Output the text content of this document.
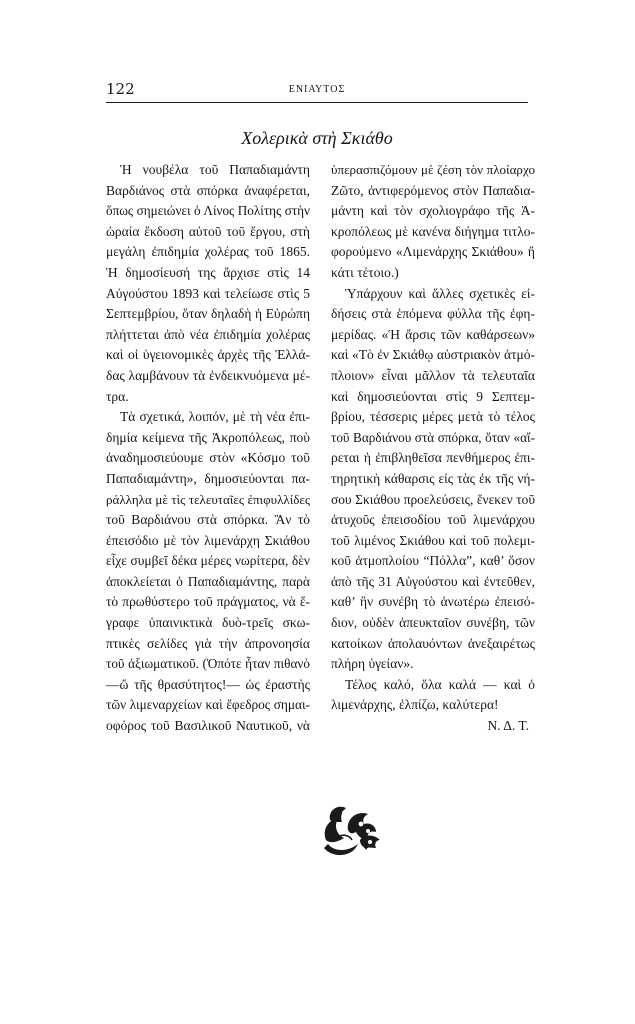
122	ΕΝΙΑΥΤΟΣ
Χολερικὰ στὴ Σκιάθο
Ἡ νουβέλα τοῦ Παπαδιαμάντη
Βαρδιάνος στὰ σπόρκα ἀναφέρεται,
ὅπως σημειώνει ὁ Λίνος Πολίτης στὴν
ὡραία ἔκδοση αὐτοῦ τοῦ ἔργου, στὴ
μεγάλη ἐπιδημία χολέρας τοῦ 1865.
Ἡ δημοσίευσή της ἄρχισε στὶς 14
Αὐγούστου 1893 καὶ τελείωσε στὶς 5
Σεπτεμβρίου, ὅταν δηλαδὴ ἡ Εὐρώπη
πλήττεται ἀπὸ νέα ἐπιδημία χολέρας
καὶ οἱ ὑγειονομικὲς ἀρχὲς τῆς Ἑλλά-
δας λαμβάνουν τὰ ἐνδεικνυόμενα μέ-
τρα.
Τὰ σχετικά, λοιπόν, μὲ τὴ νέα ἐπι-
δημία κείμενα τῆς Ἀκροπόλεως, ποὺ
ἀναδημοσιεύουμε στὸν «Κόσμο τοῦ
Παπαδιαμάντη», δημοσιεύονται πα-
ράλληλα μὲ τὶς τελευταῖες ἐπιφυλλίδες
τοῦ Βαρδιάνου στὰ σπόρκα. Ἂν τὸ
ἐπεισόδιο μὲ τὸν λιμενάρχη Σκιάθου
εἶχε συμβεῖ δέκα μέρες νωρίτερα, δὲν
ἀποκλείεται ὁ Παπαδιαμάντης, παρὰ
τὸ πρωθύστερο τοῦ πράγματος, νὰ ἔ-
γραφε ὑπαινικτικὰ δυὸ-τρεῖς σκω-
πτικὲς σελίδες γιὰ τὴν ἀπρονοησία
τοῦ ἀξιωματικοῦ. (Ὁπότε ἦταν πιθανὸ
—ὤ τῆς θρασύτητος!— ὡς ἐραστὴς
τῶν λιμεναρχείων καὶ ἔφεδρος σημαι-
οφόρος τοῦ Βασιλικοῦ Ναυτικοῦ, νὰ
ὑπερασπιζόμουν μὲ ζέση τὸν πλοίαρχο
Ζῶτο, ἀντιφερόμενος στὸν Παπαδια-
μάντη καὶ τὸν σχολιογράφο τῆς Ἀ-
κροπόλεως μὲ κανένα διήγημα τιτλο-
φορούμενο «Λιμενάρχης Σκιάθου» ἤ
κάτι τέτοιο.)
Ὑπάρχουν καὶ ἄλλες σχετικὲς εἰ-
δήσεις στὰ ἑπόμενα φύλλα τῆς ἐφη-
μερίδας. «Ἡ ἄρσις τῶν καθάρσεων»
καὶ «Τὸ ἐν Σκιάθῳ αὐστριακὸν ἀτμό-
πλοιον» εἶναι μᾶλλον τὰ τελευταῖα
καὶ δημοσιεύονται στὶς 9 Σεπτεμ-
βρίου, τέσσερις μέρες μετὰ τὸ τέλος
τοῦ Βαρδιάνου στὰ σπόρκα, ὅταν «αἴ-
ρεται ἡ ἐπιβληθεῖσα πενθήμερος ἐπι-
τηρητικὴ κάθαρσις εἰς τὰς ἐκ τῆς νή-
σου Σκιάθου προελεύσεις, ἕνεκεν τοῦ
ἀτυχοῦς ἐπεισοδίου τοῦ λιμενάρχου
τοῦ λιμένος Σκιάθου καὶ τοῦ πολεμι-
κοῦ ἀτμοπλοίου “Πόλλα”, καθ’ ὅσον
ἀπὸ τῆς 31 Αὐγούστου καὶ ἐντεῦθεν,
καθ’ ἣν συνέβη τὸ ἀνωτέρω ἐπεισό-
διον, οὐδὲν ἀπευκταῖον συνέβη, τῶν
κατοίκων ἀπολαυόντων ἀνεξαιρέτως
πλήρη ὑγείαν».
Τέλος καλό, ὅλα καλά — καὶ ὁ
λιμενάρχης, ἐλπίζω, καλύτερα!
Ν. Δ. Τ.
